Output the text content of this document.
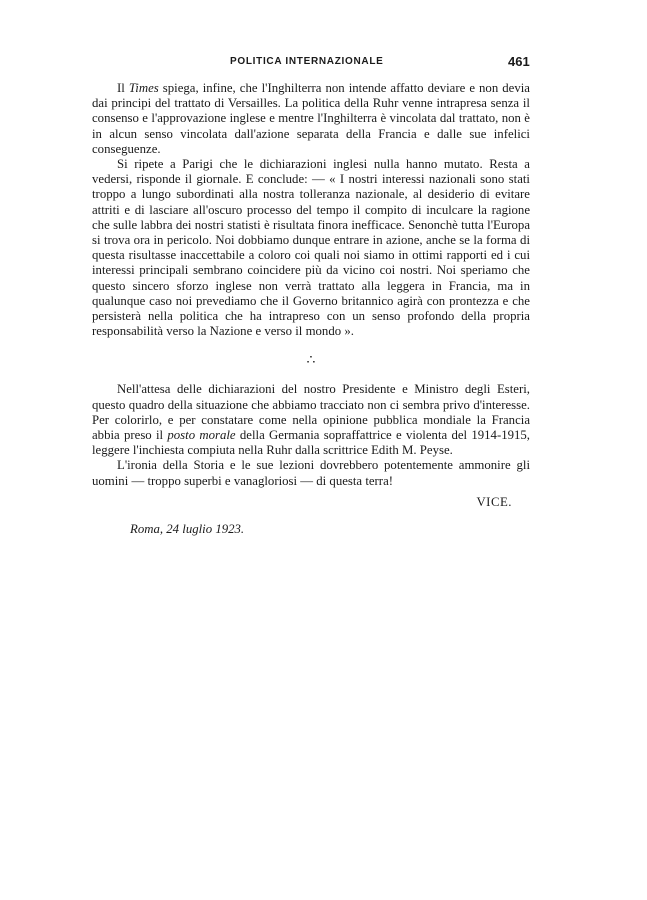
POLITICA INTERNAZIONALE	461

Il Times spiega, infine, che l'Inghilterra non intende affatto deviare e non devia dai principi del trattato di Versailles. La politica della Ruhr venne intrapresa senza il consenso e l'approvazione inglese e mentre l'Inghilterra è vincolata dal trattato, non è in alcun senso vincolata dall'azione separata della Francia e dalle sue infelici conseguenze.

Si ripete a Parigi che le dichiarazioni inglesi nulla hanno mutato. Resta a vedersi, risponde il giornale. E conclude: — « I nostri interessi nazionali sono stati troppo a lungo subordinati alla nostra tolleranza nazionale, al desiderio di evitare attriti e di lasciare all'oscuro processo del tempo il compito di inculcare la ragione che sulle labbra dei nostri statisti è risultata finora inefficace. Senonchè tutta l'Europa si trova ora in pericolo. Noi dobbiamo dunque entrare in azione, anche se la forma di questa risultasse inaccettabile a coloro coi quali noi siamo in ottimi rapporti ed i cui interessi principali sembrano coincidere più da vicino coi nostri. Noi speriamo che questo sincero sforzo inglese non verrà trattato alla leggera in Francia, ma in qualunque caso noi prevediamo che il Governo britannico agirà con prontezza e che persisterà nella politica che ha intrapreso con un senso profondo della propria responsabilità verso la Nazione e verso il mondo ».

∴

Nell'attesa delle dichiarazioni del nostro Presidente e Ministro degli Esteri, questo quadro della situazione che abbiamo tracciato non ci sembra privo d'interesse. Per colorirlo, e per constatare come nella opinione pubblica mondiale la Francia abbia preso il posto morale della Germania sopraffattrice e violenta del 1914-1915, leggere l'inchiesta compiuta nella Ruhr dalla scrittrice Edith M. Peyse.

L'ironia della Storia e le sue lezioni dovrebbero potentemente ammonire gli uomini — troppo superbi e vanagloriosi — di questa terra!

VICE.
Roma, 24 luglio 1923.
